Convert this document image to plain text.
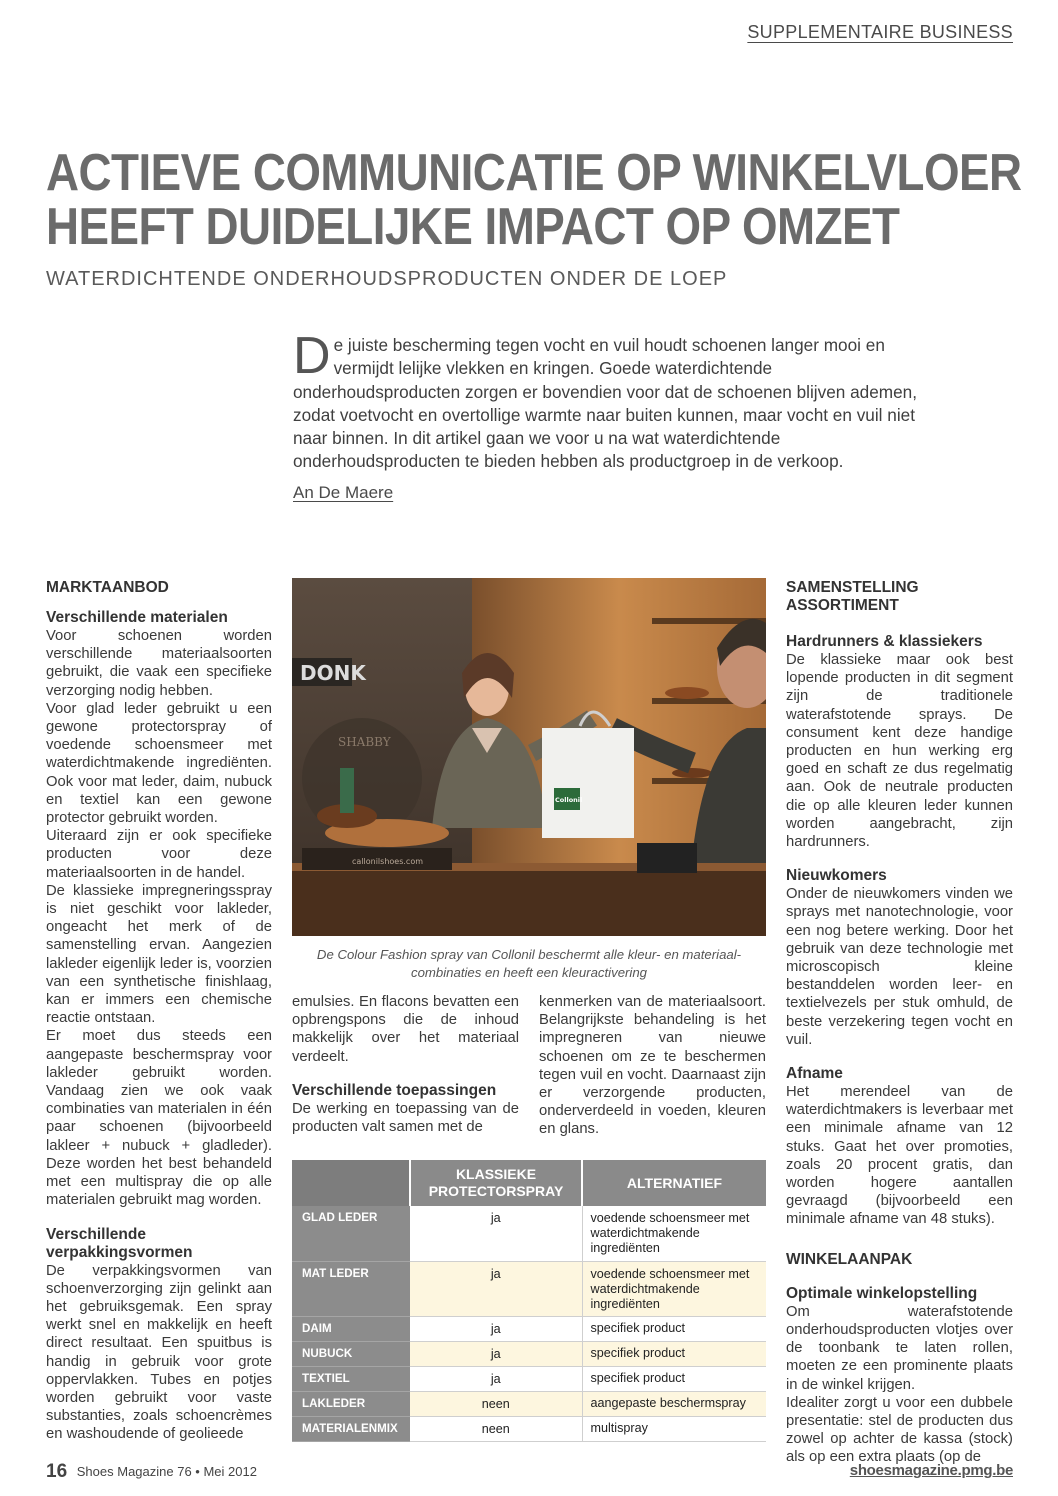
SUPPLEMENTAIRE BUSINESS
ACTIEVE COMMUNICATIE OP WINKELVLOER
HEEFT DUIDELIJKE IMPACT OP OMZET
WATERDICHTENDE ONDERHOUDSPRODUCTEN ONDER DE LOEP
D e juiste bescherming tegen vocht en vuil houdt schoenen langer mooi en
vermijdt lelijke vlekken en kringen. Goede waterdichtende
onderhoudsproducten zorgen er bovendien voor dat de schoenen blijven ademen,
zodat voetvocht en overtollige warmte naar buiten kunnen, maar vocht en vuil niet
naar binnen. In dit artikel gaan we voor u na wat waterdichtende
onderhoudsproducten te bieden hebben als productgroep in de verkoop.
An De Maere
MARKTAANBOD
Verschillende materialen

Voor schoenen worden verschillende materiaalsoorten gebruikt, die vaak een specifieke verzorging nodig hebben.

Voor glad leder gebruikt u een gewone protectorspray of voedende schoensmeer met waterdichtmakende ingrediënten. Ook voor mat leder, daim, nubuck en textiel kan een gewone protector gebruikt worden.

Uiteraard zijn er ook specifieke producten voor deze materiaalsoorten in de handel.

De klassieke impregneringsspray is niet geschikt voor lakleder, ongeacht het merk of de samenstelling ervan. Aangezien lakleder eigenlijk leder is, voorzien van een synthetische finishlaag, kan er immers een chemische reactie ontstaan.

Er moet dus steeds een aangepaste beschermspray voor lakleder gebruikt worden. Vandaag zien we ook vaak combinaties van materialen in één paar schoenen (bijvoorbeeld lakleer + nubuck + gladleder). Deze worden het best behandeld met een multispray die op alle materialen gebruikt mag worden.

Verschillende verpakkingsvormen

De verpakkingsvormen van schoenverzorging zijn gelinkt aan het gebruiksgemak. Een spray werkt snel en makkelijk en heeft direct resultaat. Een spuitbus is handig in gebruik voor grote oppervlakken. Tubes en potjes worden gebruikt voor vaste substanties, zoals schoencrèmes en washoudende of geolieede

DONK
SHABBY
Collonil
callonilshoes.com
De Colour Fashion spray van Collonil beschermt alle kleur- en materiaal-
combinaties en heeft een kleuractivering

emulsies. En flacons bevatten een opbrengspons die de inhoud makkelijk over het materiaal verdeelt.

Verschillende toepassingen

De werking en toepassing van de producten valt samen met de

kenmerken van de materiaalsoort. Belangrijkste behandeling is het impregneren van nieuwe schoenen om ze te beschermen tegen vuil en vocht. Daarnaast zijn er verzorgende producten, onderverdeeld in voeden, kleuren en glans.

	KLASSIEKE PROTECTORSPRAY	ALTERNATIEF
GLAD LEDER	ja	voedende schoensmeer met waterdichtmakende ingrediënten
MAT LEDER	ja	voedende schoensmeer met waterdichtmakende ingrediënten
DAIM	ja	specifiek product
NUBUCK	ja	specifiek product
TEXTIEL	ja	specifiek product
LAKLEDER	neen	aangepaste beschermspray
MATERIALENMIX	neen	multispray
SAMENSTELLING ASSORTIMENT
Hardrunners & klassiekers

De klassieke maar ook best lopende producten in dit segment zijn de traditionele waterafstotende sprays. De consument kent deze handige producten en hun werking erg goed en schaft ze dus regelmatig aan. Ook de neutrale producten die op alle kleuren leder kunnen worden aangebracht, zijn hardrunners.

Nieuwkomers

Onder de nieuwkomers vinden we sprays met nanotechnologie, voor een nog betere werking. Door het gebruik van deze technologie met microscopisch kleine bestanddelen worden leer- en textielvezels per stuk omhuld, de beste verzekering tegen vocht en vuil.

Afname

Het merendeel van de waterdichtmakers is leverbaar met een minimale afname van 12 stuks. Gaat het over promoties, zoals 20 procent gratis, dan worden hogere aantallen gevraagd (bijvoorbeeld een minimale afname van 48 stuks).

WINKELAANPAK
Optimale winkelopstelling

Om waterafstotende onderhoudsproducten vlotjes over de toonbank te laten rollen, moeten ze een prominente plaats in de winkel krijgen.

Idealiter zorgt u voor een dubbele presentatie: stel de producten dus zowel op achter de kassa (stock) als op een extra plaats (op de

16 Shoes Magazine 76 • Mei 2012	shoesmagazine.pmg.be
